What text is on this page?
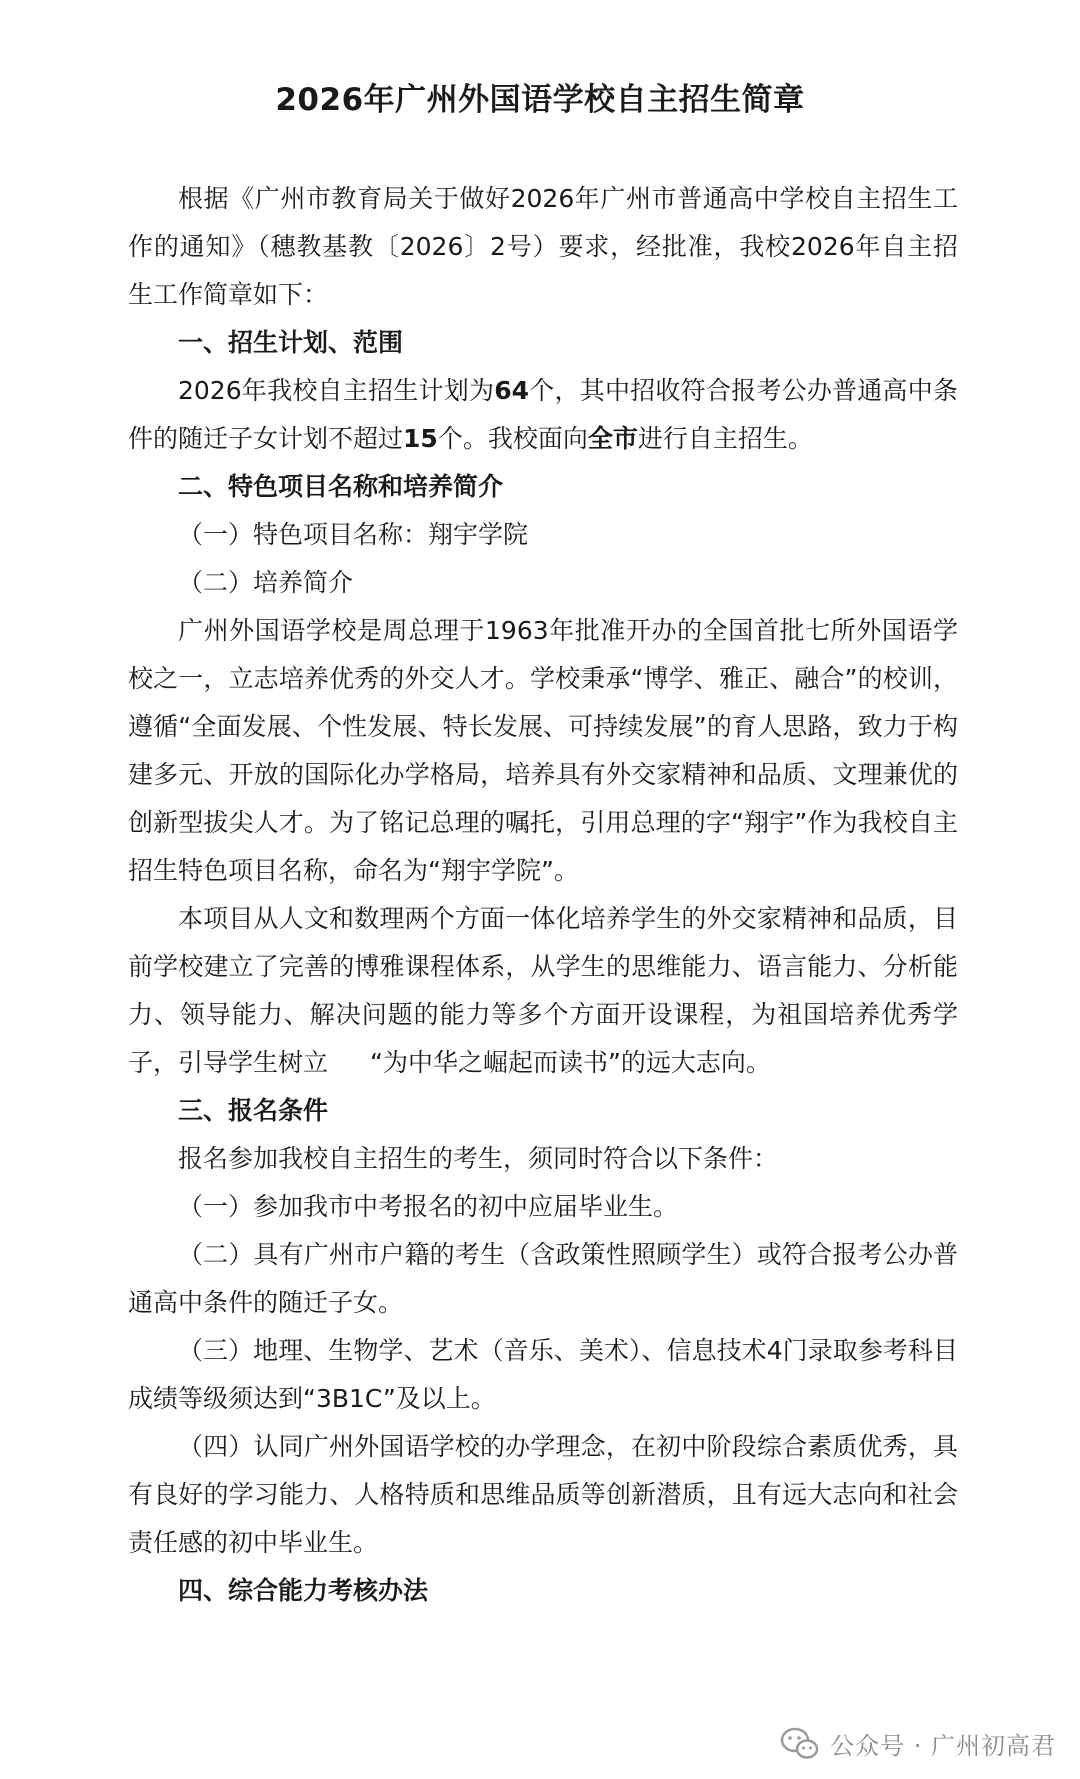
2026年广州外国语学校自主招生简章

根据《广州市教育局关于做好2026年广州市普通高中学校自主招生工作的通知》（穗教基教〔2026〕2号）要求，经批准，我校2026年自主招生工作简章如下：

一、招生计划、范围

2026年我校自主招生计划为64个，其中招收符合报考公办普通高中条件的随迁子女计划不超过15个。我校面向全市进行自主招生。

二、特色项目名称和培养简介

（一）特色项目名称：翔宇学院

（二）培养简介

广州外国语学校是周总理于1963年批准开办的全国首批七所外国语学校之一，立志培养优秀的外交人才。学校秉承“博学、雅正、融合”的校训，遵循“全面发展、个性发展、特长发展、可持续发展”的育人思路，致力于构建多元、开放的国际化办学格局，培养具有外交家精神和品质、文理兼优的创新型拔尖人才。为了铭记总理的嘱托，引用总理的字“翔宇”作为我校自主招生特色项目名称，命名为“翔宇学院”。

本项目从人文和数理两个方面一体化培养学生的外交家精神和品质，目前学校建立了完善的博雅课程体系，从学生的思维能力、语言能力、分析能力、领导能力、解决问题的能力等多个方面开设课程，为祖国培养优秀学子，引导学生树立 “为中华之崛起而读书”的远大志向。

三、报名条件

报名参加我校自主招生的考生，须同时符合以下条件：

（一）参加我市中考报名的初中应届毕业生。

（二）具有广州市户籍的考生（含政策性照顾学生）或符合报考公办普通高中条件的随迁子女。

（三）地理、生物学、艺术（音乐、美术）、信息技术4门录取参考科目成绩等级须达到“3B1C”及以上。

（四）认同广州外国语学校的办学理念，在初中阶段综合素质优秀，具有良好的学习能力、人格特质和思维品质等创新潜质，且有远大志向和社会责任感的初中毕业生。

四、综合能力考核办法

公众号 · 广州初高君
